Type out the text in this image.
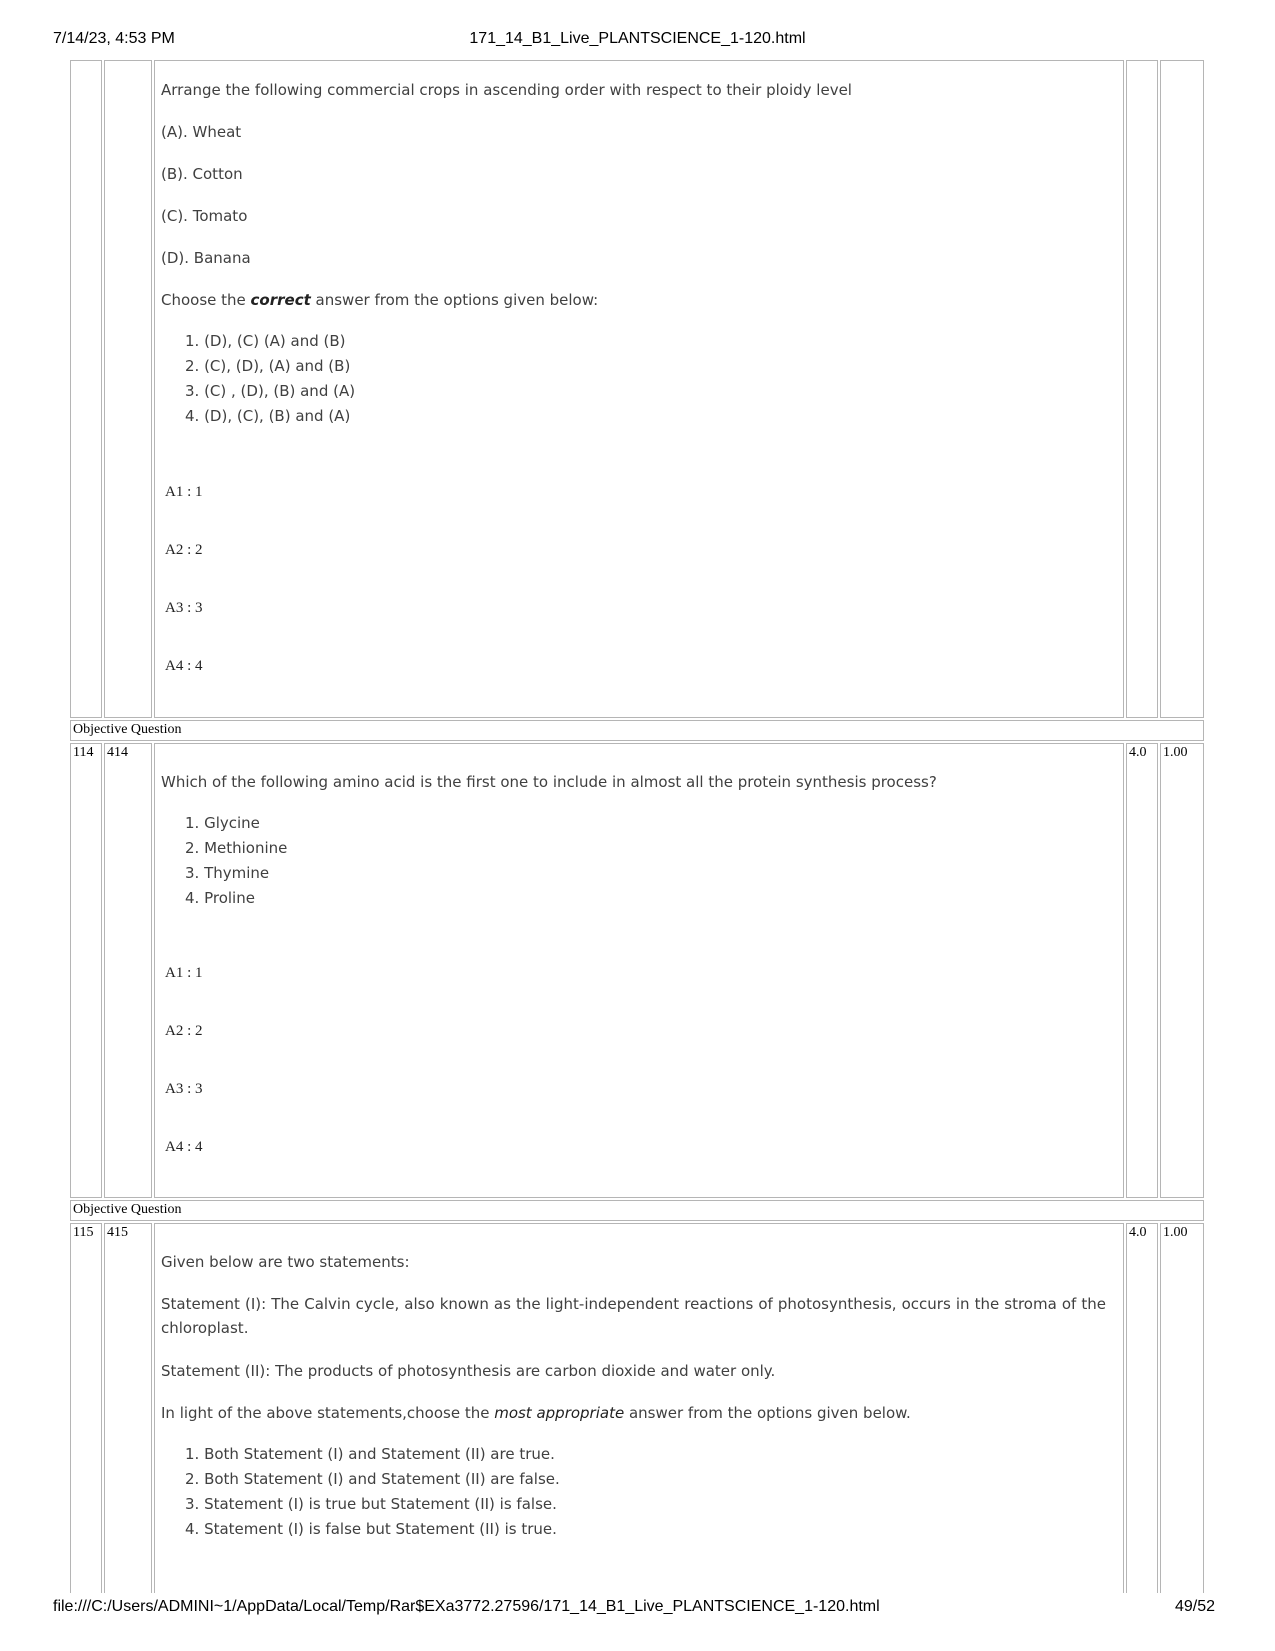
7/14/23, 4:53 PM	171_14_B1_Live_PLANTSCIENCE_1-120.html
file:///C:/Users/ADMINI~1/AppData/Local/Temp/Rar$EXa3772.27596/171_14_B1_Live_PLANTSCIENCE_1-120.html	49/52
Arrange the following commercial crops in ascending order with respect to their ploidy level
(A). Wheat
(B). Cotton
(C). Tomato
(D). Banana
Choose the correct answer from the options given below:
1. (D), (C) (A) and (B)
2. (C), (D), (A) and (B)
3. (C) , (D), (B) and (A)
4. (D), (C), (B) and (A)
A1 : 1
A2 : 2
A3 : 3
A4 : 4
Objective Question
114 414	4.0 1.00
Which of the following amino acid is the first one to include in almost all the protein synthesis process?
1. Glycine
2. Methionine
3. Thymine
4. Proline
A1 : 1
A2 : 2
A3 : 3
A4 : 4
Objective Question
115 415	4.0 1.00
Given below are two statements:
Statement (I): The Calvin cycle, also known as the light-independent reactions of photosynthesis, occurs in the stroma of the chloroplast.
Statement (II): The products of photosynthesis are carbon dioxide and water only.
In light of the above statements,choose the most appropriate answer from the options given below.
1. Both Statement (I) and Statement (II) are true.
2. Both Statement (I) and Statement (II) are false.
3. Statement (I) is true but Statement (II) is false.
4. Statement (I) is false but Statement (II) is true.
